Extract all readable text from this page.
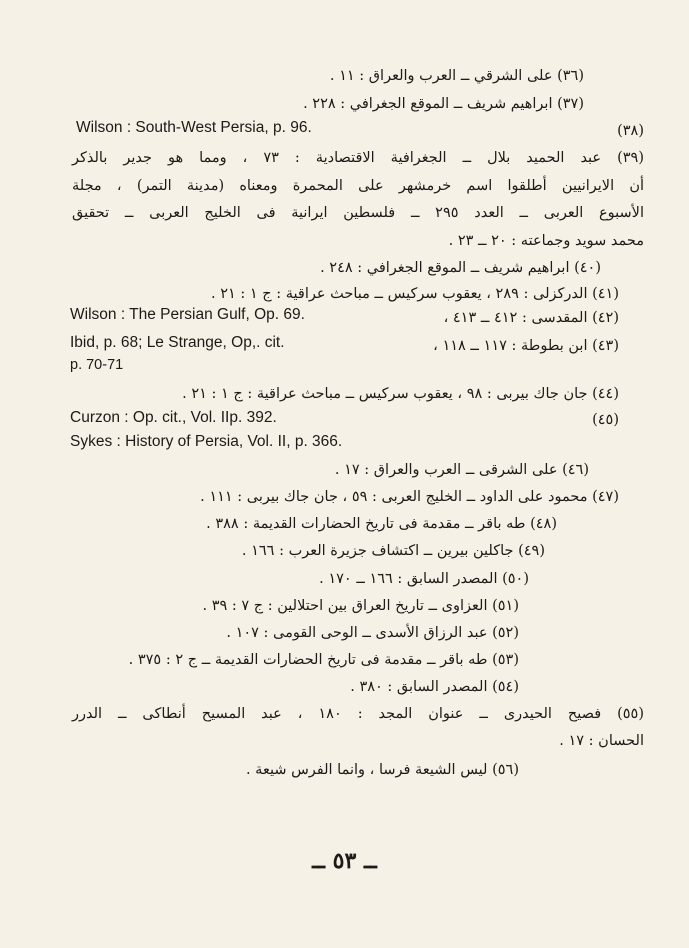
(٣٦) على الشرقي ــ العرب والعراق : ١١ .
(٣٧) ابراهيم شريف ــ الموقع الجغرافي : ٢٢٨ .
Wilson : South-West Persia, p. 96.	(٣٨)
(٣٩) عبد الحميد بلال ــ الجغرافية الاقتصادية : ٧٣ ، ومما هو جدير بالذكر
أن الايرانيين أطلقوا اسم خرمشهر على المحمرة ومعناه (مدينة التمر) ، مجلة
الأسبوع العربى ــ العدد ٢٩٥ ــ فلسطين ايرانية فى الخليج العربى ــ تحقيق
محمد سويد وجماعته : ٢٠ ــ ٢٣ .
(٤٠) ابراهيم شريف ــ الموقع الجغرافي : ٢٤٨ .
(٤١) الدركزلى : ٢٨٩ ، يعقوب سركيس ــ مباحث عراقية : ج ١ : ٢١ .
Wilson : The Persian Gulf, Op. 69.	(٤٢) المقدسى : ٤١٢ ــ ٤١٣ ،
Ibid, p. 68; Le Strange, Op,. cit.	(٤٣) ابن بطوطة : ١١٧ ــ ١١٨ ،
p. 70-71
(٤٤) جان جاك بيربى : ٩٨ ، يعقوب سركيس ــ مباحث عراقية : ج ١ : ٢١ .
Curzon : Op. cit., Vol. IIp. 392.	(٤٥)
Sykes : History of Persia, Vol. II, p. 366.
(٤٦) على الشرقى ــ العرب والعراق : ١٧ .
(٤٧) محمود على الداود ــ الخليج العربى : ٥٩ ، جان جاك بيربى : ١١١ .
(٤٨) طه باقر ــ مقدمة فى تاريخ الحضارات القديمة : ٣٨٨ .
(٤٩) جاكلين بيرين ــ اكتشاف جزيرة العرب : ١٦٦ .
(٥٠) المصدر السابق : ١٦٦ ــ ١٧٠ .
(٥١) العزاوى ــ تاريخ العراق بين احتلالين : ج ٧ : ٣٩ .
(٥٢) عبد الرزاق الأسدى ــ الوحى القومى : ١٠٧ .
(٥٣) طه باقر ــ مقدمة فى تاريخ الحضارات القديمة ــ ج ٢ : ٣٧٥ .
(٥٤) المصدر السابق : ٣٨٠ .
(٥٥) فصيح الحيدرى ــ عنوان المجد : ١٨٠ ، عبد المسيح أنطاكى ــ الدرر
الحسان : ١٧ .
(٥٦) ليس الشيعة فرسا ، وانما الفرس شيعة .
ــ ٥٣ ــ
